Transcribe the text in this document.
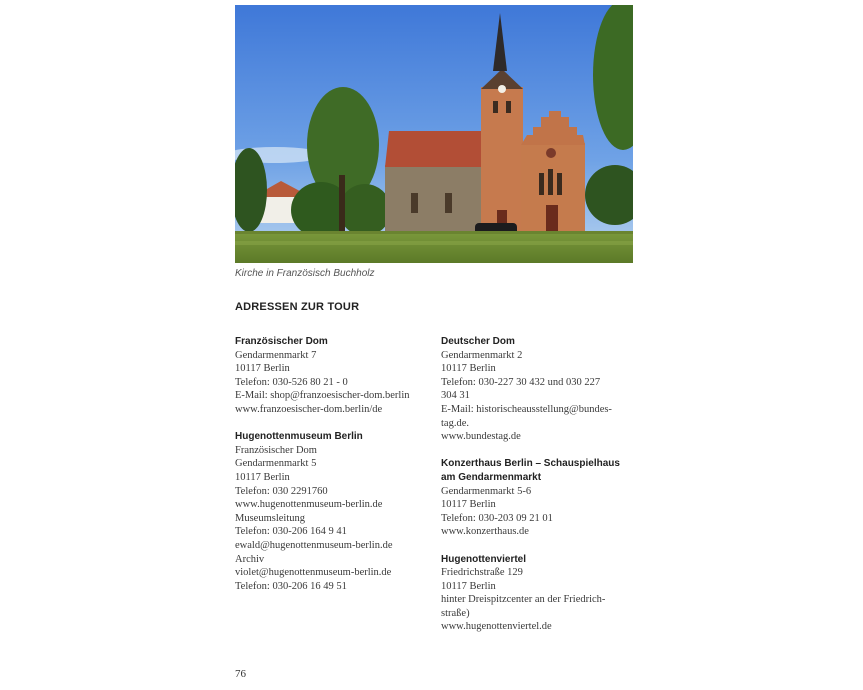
Kirche in Französisch Buchholz
ADRESSEN ZUR TOUR
Französischer Dom
Gendarmenmarkt 7
10117 Berlin
Telefon: 030-526 80 21 - 0
E-Mail: shop@franzoesischer-dom.berlin
www.franzoesischer-dom.berlin/de
Hugenottenmuseum Berlin
Französischer Dom
Gendarmenmarkt 5
10117 Berlin
Telefon: 030 2291760
www.hugenottenmuseum-berlin.de
Museumsleitung
Telefon: 030-206 164 9 41
ewald@hugenottenmuseum-berlin.de
Archiv
violet@hugenottenmuseum-berlin.de
Telefon: 030-206 16 49 51
Deutscher Dom
Gendarmenmarkt 2
10117 Berlin
Telefon: 030-227 30 432 und 030 227
304 31
E-Mail: historischeausstellung@bundes-
tag.de.
www.bundestag.de
Konzerthaus Berlin – Schauspielhaus am Gendarmenmarkt
Gendarmenmarkt 5-6
10117 Berlin
Telefon: 030-203 09 21 01
www.konzerthaus.de
Hugenottenviertel
Friedrichstraße 129
10117 Berlin
hinter Dreispitzcenter an der Friedrich-
straße)
www.hugenottenviertel.de
76
